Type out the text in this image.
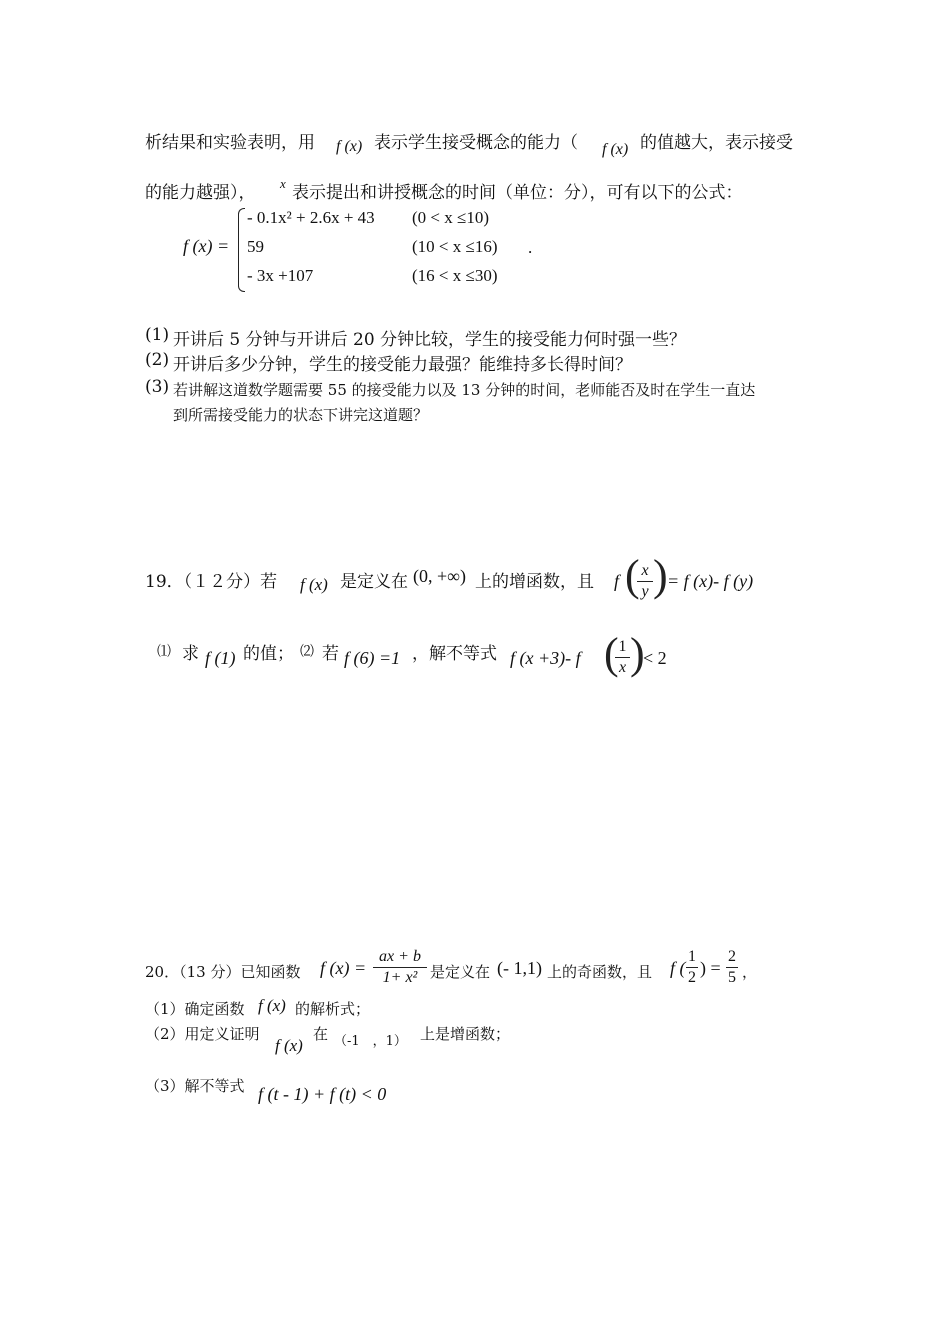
析结果和实验表明，用 f (x) 表示学生接受概念的能力（ f (x) 的值越大，表示接受
的能力越强）， x 表示提出和讲授概念的时间（单位：分），可有以下的公式：
f (x) =
- 0.1x² + 2.6x + 43 (0 < x ≤10)
59	(10 < x ≤16)
- 3x +107	(16 < x ≤30)
.
(1) 开讲后 5 分钟与开讲后 20 分钟比较，学生的接受能力何时强一些？
(2) 开讲后多少分钟，学生的接受能力最强？能维持多长得时间？
(3) 若讲解这道数学题需要 55 的接受能力以及 13 分钟的时间，老师能否及时在学生一直达
到所需接受能力的状态下讲完这道题？
19．（１２分）若 f (x) 是定义在 (0, +∞) 上的增函数，且 f ( x
y ) = f (x)- f (y)
⑴ 求 f (1) 的值； ⑵ 若 f (6) =1 ，解不等式 f (x +3)- f ( 1
x )
< 2
20．（13 分）已知函数 f (x) =
ax + b
1+ x² 是定义在 (- 1,1) 上的奇函数，且 f (
1
2 ) =
2
5 ，
（1）确定函数 f (x) 的解析式；
（2）用定义证明
f (x)
在 （-1　，1） 上是增函数；
（3）解不等式 f (t - 1) + f (t) < 0
